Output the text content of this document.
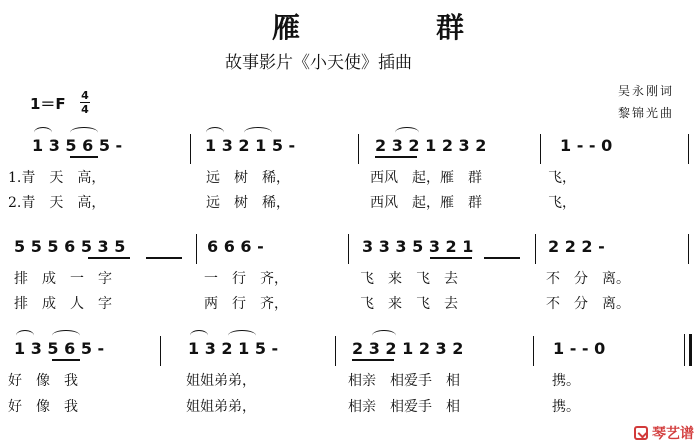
雁　群
故事影片《小天使》插曲
1＝F 4
4
吴永刚词
黎锦光曲
1 3 5 6 5 -	1 3 2 1 5 -	2 3 2 1 2 3 2	1 - - 0
1.青　天　高，	远　树　稀，	西风　起，雁　群	飞，
2.青　天　高，	远　树　稀，	西风　起，雁　群	飞，
5 5 5 6 5 3 5	6 6 6 -	3 3 3 5 3 2 1	2 2 2 -
排　成　一　字	一　行　齐，	飞　来　飞　去	不　分　离。
排　成　人　字	两　行　齐，	飞　来　飞　去	不　分　离。
1 3 5 6 5 -	1 3 2 1 5 -	2 3 2 1 2 3 2	1 - - 0
好　像　我	姐姐弟弟，	相亲　相爱手　相	携。
好　像　我	姐姐弟弟，	相亲　相爱手　相	携。
琴艺谱
